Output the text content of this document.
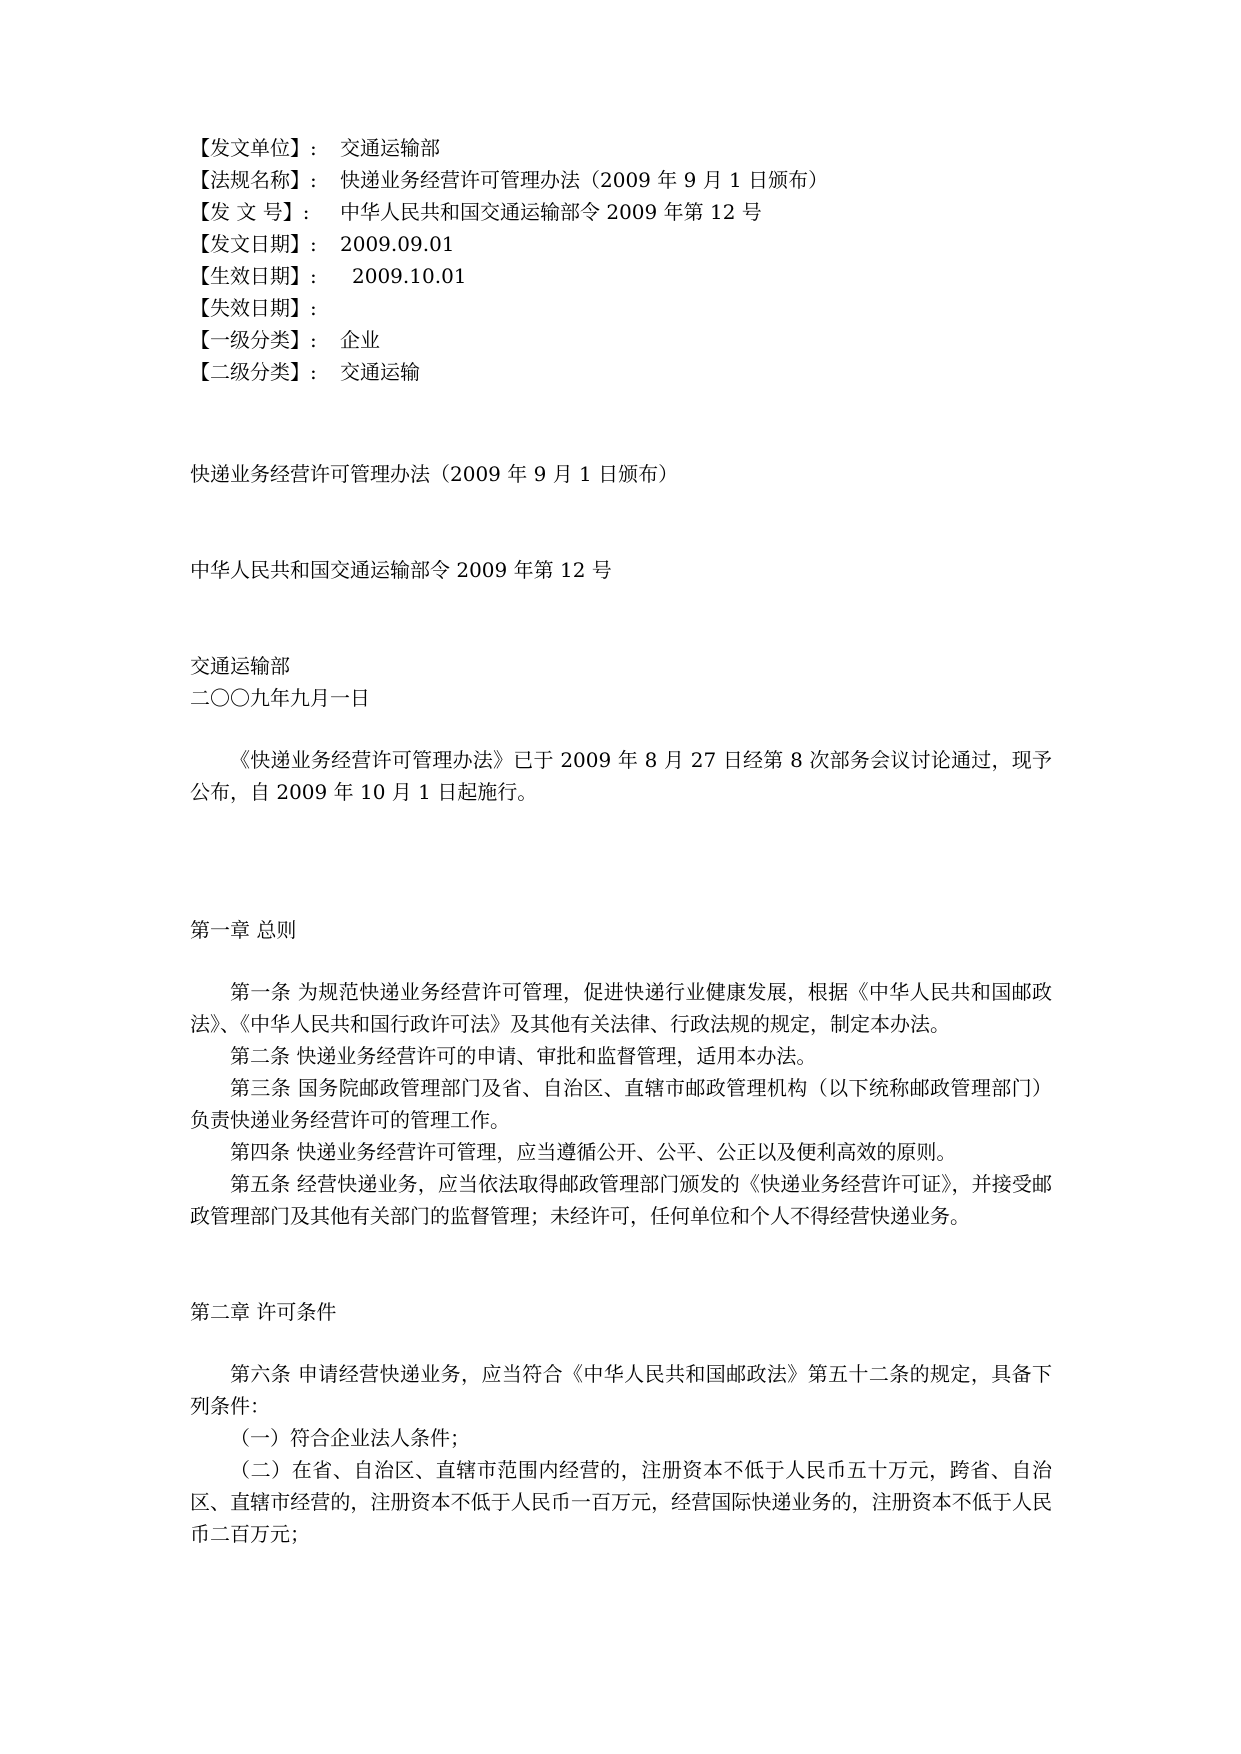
【发文单位】: 交通运输部
【法规名称】: 快递业务经营许可管理办法（2009 年 9 月 1 日颁布）
【发 文 号】: 中华人民共和国交通运输部令 2009 年第 12 号
【发文日期】: 2009.09.01
【生效日期】: 2009.10.01
【失效日期】:
【一级分类】: 企业
【二级分类】: 交通运输
快递业务经营许可管理办法（2009 年 9 月 1 日颁布）
中华人民共和国交通运输部令 2009 年第 12 号
交通运输部
二〇〇九年九月一日
《快递业务经营许可管理办法》已于 2009 年 8 月 27 日经第 8 次部务会议讨论通过，现予公布，自 2009 年 10 月 1 日起施行。
第一章 总则
第一条 为规范快递业务经营许可管理，促进快递行业健康发展，根据《中华人民共和国邮政法》、《中华人民共和国行政许可法》及其他有关法律、行政法规的规定，制定本办法。
第二条 快递业务经营许可的申请、审批和监督管理，适用本办法。
第三条 国务院邮政管理部门及省、自治区、直辖市邮政管理机构（以下统称邮政管理部门）负责快递业务经营许可的管理工作。
第四条 快递业务经营许可管理，应当遵循公开、公平、公正以及便利高效的原则。
第五条 经营快递业务，应当依法取得邮政管理部门颁发的《快递业务经营许可证》，并接受邮政管理部门及其他有关部门的监督管理；未经许可，任何单位和个人不得经营快递业务。
第二章 许可条件
第六条 申请经营快递业务，应当符合《中华人民共和国邮政法》第五十二条的规定，具备下列条件：
（一）符合企业法人条件；
（二）在省、自治区、直辖市范围内经营的，注册资本不低于人民币五十万元，跨省、自治区、直辖市经营的，注册资本不低于人民币一百万元，经营国际快递业务的，注册资本不低于人民币二百万元；
